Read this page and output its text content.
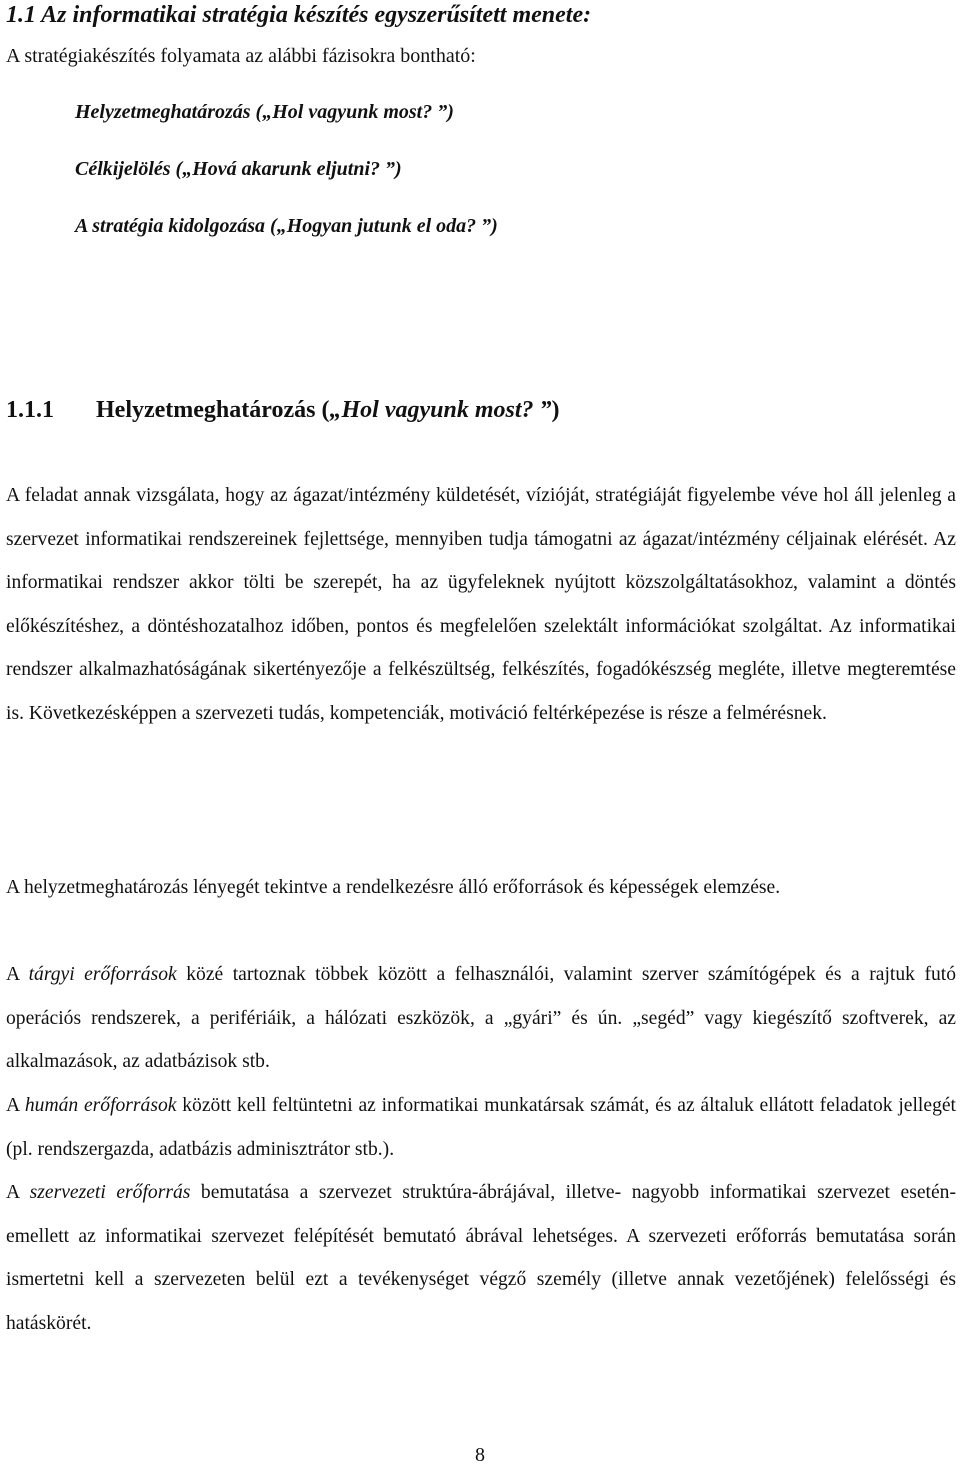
1.1 Az informatikai stratégia készítés egyszerűsített menete:
A stratégiakészítés folyamata az alábbi fázisokra bontható:
Helyzetmeghatározás („Hol vagyunk most? ”)
Célkijelölés („Hová akarunk eljutni? ”)
A stratégia kidolgozása („Hogyan jutunk el oda? ”)
1.1.1 Helyzetmeghatározás („Hol vagyunk most? ”)

A feladat annak vizsgálata, hogy az ágazat/intézmény küldetését, vízióját, stratégiáját figyelembe véve hol áll jelenleg a szervezet informatikai rendszereinek fejlettsége, mennyiben tudja támogatni az ágazat/intézmény céljainak elérését. Az informatikai rendszer akkor tölti be szerepét, ha az ügyfeleknek nyújtott közszolgáltatásokhoz, valamint a döntés előkészítéshez, a döntéshozatalhoz időben, pontos és megfelelően szelektált információkat szolgáltat. Az informatikai rendszer alkalmazhatóságának sikertényezője a felkészültség, felkészítés, fogadókészség megléte, illetve megteremtése is. Következésképpen a szervezeti tudás, kompetenciák, motiváció feltérképezése is része a felmérésnek.

A helyzetmeghatározás lényegét tekintve a rendelkezésre álló erőforrások és képességek elemzése.

A tárgyi erőforrások közé tartoznak többek között a felhasználói, valamint szerver számítógépek és a rajtuk futó operációs rendszerek, a perifériáik, a hálózati eszközök, a „gyári” és ún. „segéd” vagy kiegészítő szoftverek, az alkalmazások, az adatbázisok stb.

A humán erőforrások között kell feltüntetni az informatikai munkatársak számát, és az általuk ellátott feladatok jellegét (pl. rendszergazda, adatbázis adminisztrátor stb.).

A szervezeti erőforrás bemutatása a szervezet struktúra-ábrájával, illetve- nagyobb informatikai szervezet esetén- emellett az informatikai szervezet felépítését bemutató ábrával lehetséges. A szervezeti erőforrás bemutatása során ismertetni kell a szervezeten belül ezt a tevékenységet végző személy (illetve annak vezetőjének) felelősségi és hatáskörét.

8
